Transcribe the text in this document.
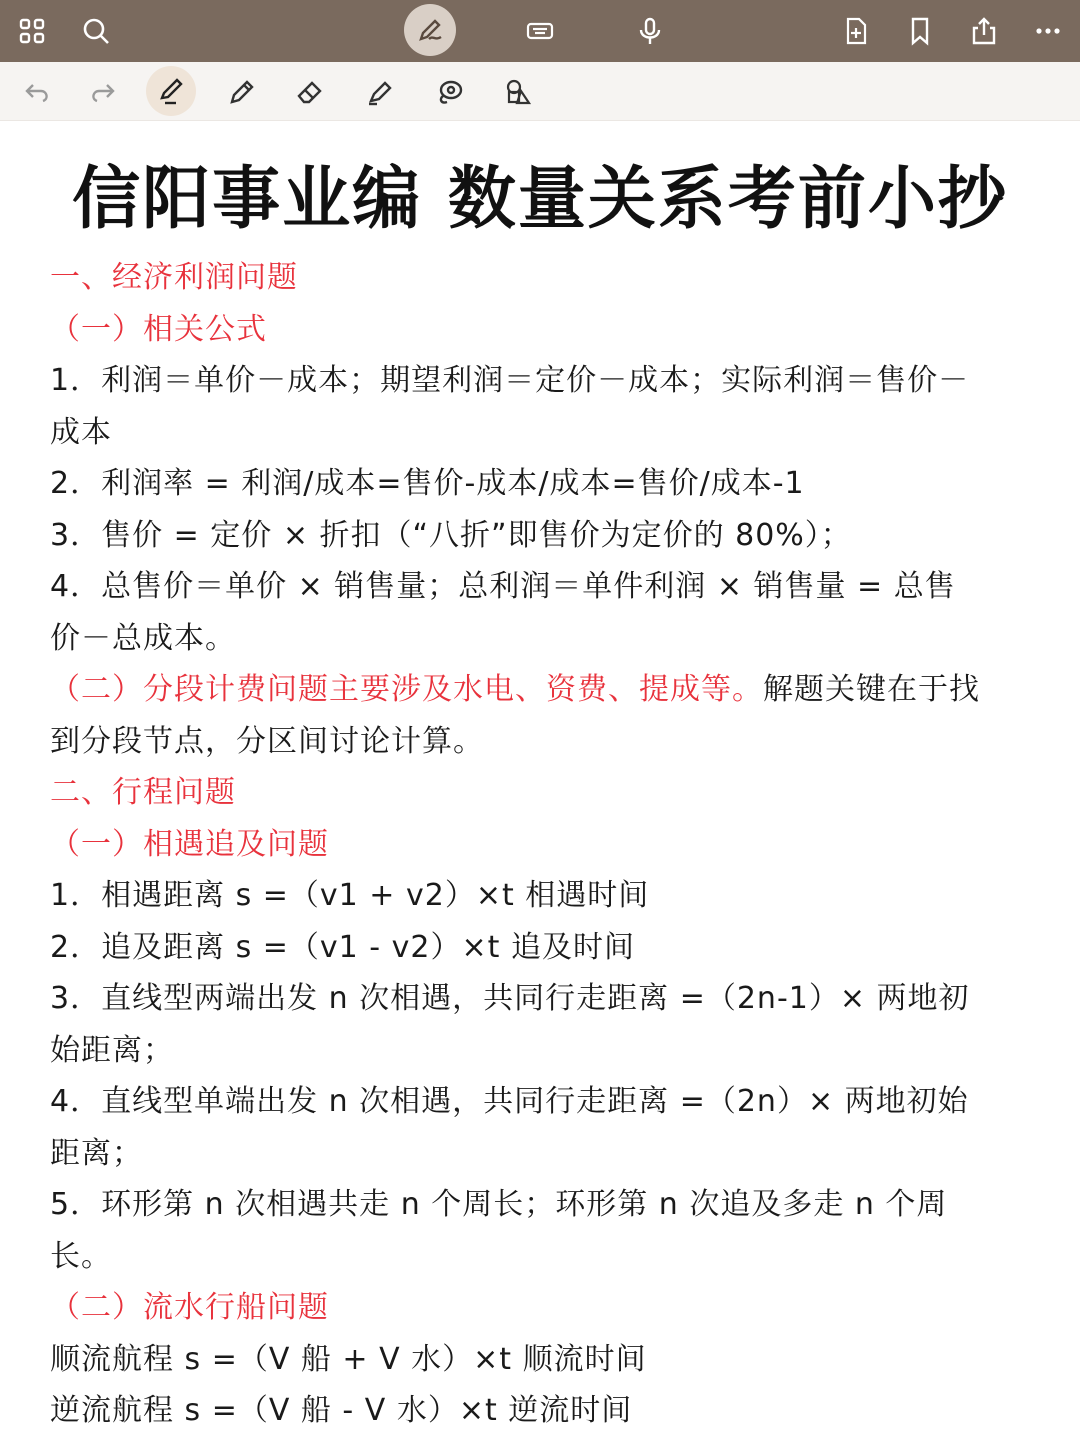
信阳事业编 数量关系考前小抄
一、经济利润问题
（一）相关公式
1．利润＝单价－成本；期望利润＝定价－成本；实际利润＝售价－
成本
2．利润率 = 利润/成本=售价-成本/成本=售价/成本-1
3．售价 = 定价 × 折扣（“八折”即售价为定价的 80%）；
4．总售价＝单价 × 销售量；总利润＝单件利润 × 销售量 = 总售
价－总成本。
（二）分段计费问题主要涉及水电、资费、提成等。解题关键在于找
到分段节点，分区间讨论计算。
二、行程问题
（一）相遇追及问题
1．相遇距离 s =（v1 + v2）×t 相遇时间
2．追及距离 s =（v1 - v2）×t 追及时间
3．直线型两端出发 n 次相遇，共同行走距离 =（2n-1）× 两地初
始距离；
4．直线型单端出发 n 次相遇，共同行走距离 =（2n）× 两地初始
距离；
5．环形第 n 次相遇共走 n 个周长；环形第 n 次追及多走 n 个周
长。
（二）流水行船问题
顺流航程 s =（V 船 + V 水）×t 顺流时间
逆流航程 s =（V 船 - V 水）×t 逆流时间
